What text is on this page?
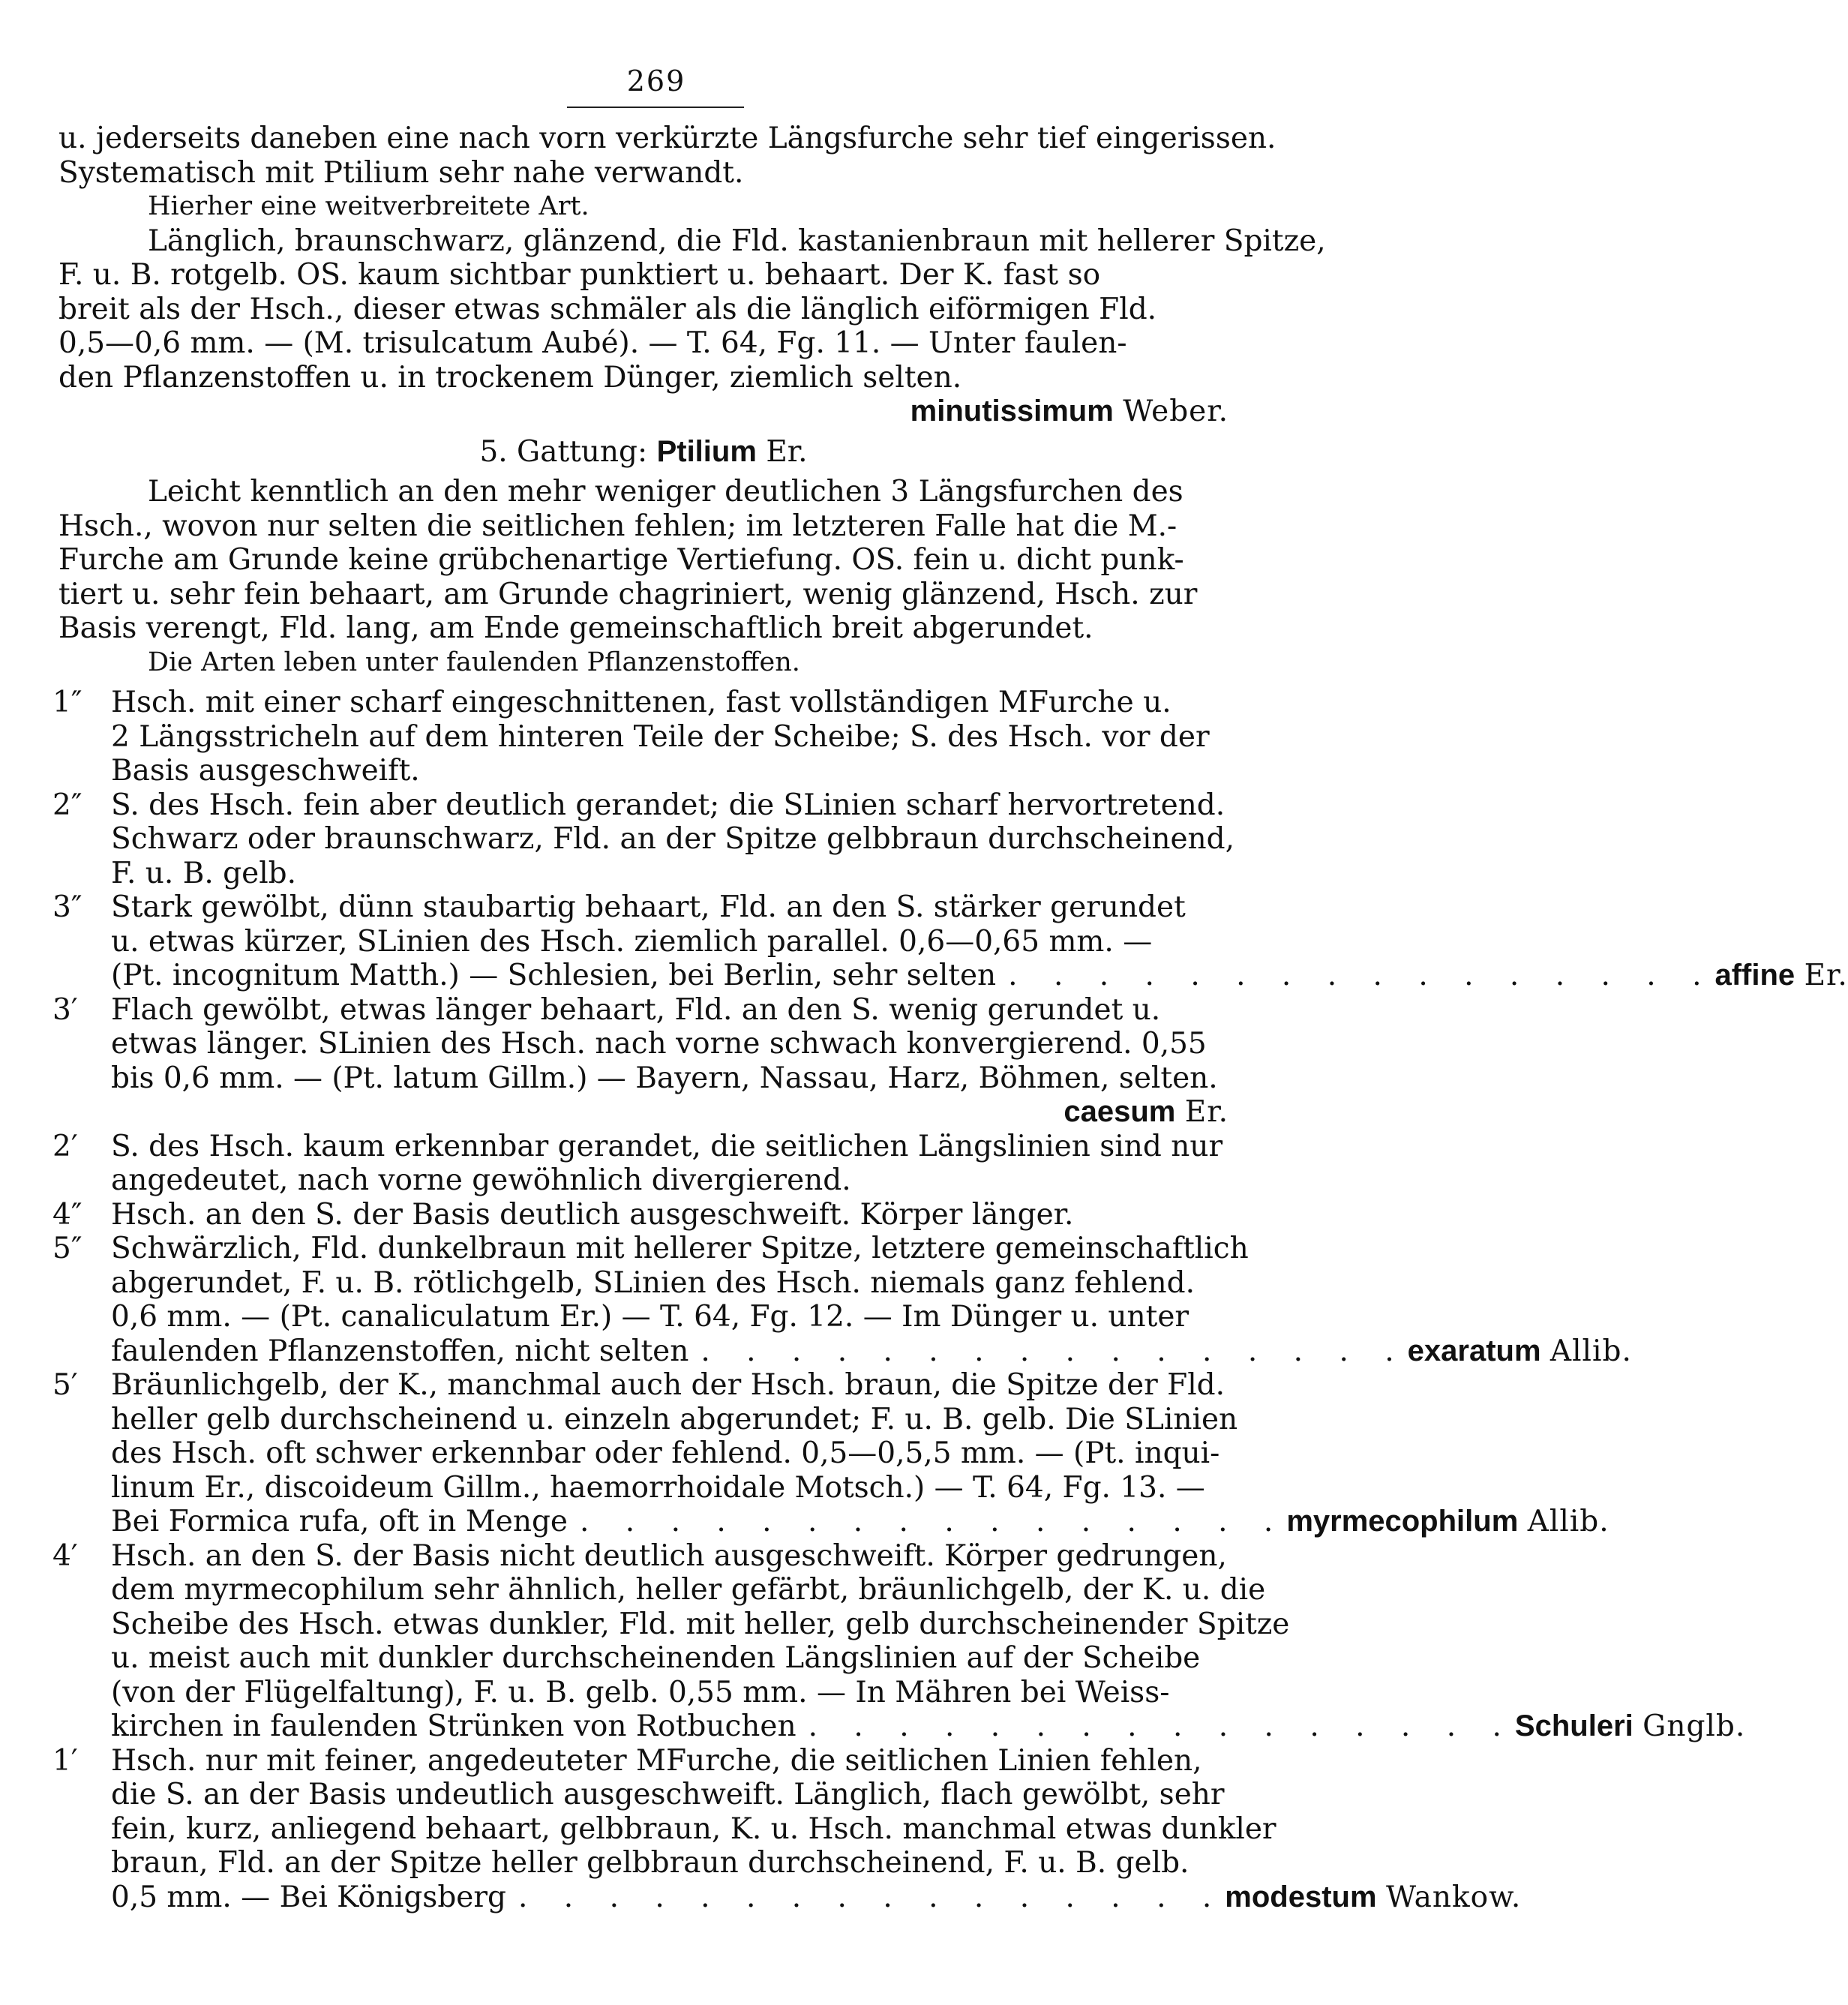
269
u. jederseits daneben eine nach vorn verkürzte Längsfurche sehr tief eingerissen.
Systematisch mit Ptilium sehr nahe verwandt.
Hierher eine weitverbreitete Art.
Länglich, braunschwarz, glänzend, die Fld. kastanienbraun mit hellerer Spitze,
F. u. B. rotgelb. OS. kaum sichtbar punktiert u. behaart. Der K. fast so
breit als der Hsch., dieser etwas schmäler als die länglich eiförmigen Fld.
0,5—0,6 mm. — (M. trisulcatum Aubé). — T. 64, Fg. 11. — Unter faulen-
den Pflanzenstoffen u. in trockenem Dünger, ziemlich selten.
minutissimum Weber.
5. Gattung: Ptilium Er.
Leicht kenntlich an den mehr weniger deutlichen 3 Längsfurchen des
Hsch., wovon nur selten die seitlichen fehlen; im letzteren Falle hat die M.-
Furche am Grunde keine grübchenartige Vertiefung. OS. fein u. dicht punk-
tiert u. sehr fein behaart, am Grunde chagriniert, wenig glänzend, Hsch. zur
Basis verengt, Fld. lang, am Ende gemeinschaftlich breit abgerundet.
Die Arten leben unter faulenden Pflanzenstoffen.
1″ Hsch. mit einer scharf eingeschnittenen, fast vollständigen MFurche u.
2 Längsstricheln auf dem hinteren Teile der Scheibe; S. des Hsch. vor der
Basis ausgeschweift.
2″ S. des Hsch. fein aber deutlich gerandet; die SLinien scharf hervortretend.
Schwarz oder braunschwarz, Fld. an der Spitze gelbbraun durchscheinend,
F. u. B. gelb.
3″ Stark gewölbt, dünn staubartig behaart, Fld. an den S. stärker gerundet
u. etwas kürzer, SLinien des Hsch. ziemlich parallel. 0,6—0,65 mm. —
(Pt. incognitum Matth.) — Schlesien, bei Berlin, sehr selten . . . . . . . . . . . . . . . . affine
Er.
3′ Flach gewölbt, etwas länger behaart, Fld. an den S. wenig gerundet u.
etwas länger. SLinien des Hsch. nach vorne schwach konvergierend. 0,55
bis 0,6 mm. — (Pt. latum Gillm.) — Bayern, Nassau, Harz, Böhmen, selten.
caesum Er.
2′ S. des Hsch. kaum erkennbar gerandet, die seitlichen Längslinien sind nur
angedeutet, nach vorne gewöhnlich divergierend.
4″ Hsch. an den S. der Basis deutlich ausgeschweift. Körper länger.
5″ Schwärzlich, Fld. dunkelbraun mit hellerer Spitze, letztere gemeinschaftlich
abgerundet, F. u. B. rötlichgelb, SLinien des Hsch. niemals ganz fehlend.
0,6 mm. — (Pt. canaliculatum Er.) — T. 64, Fg. 12. — Im Dünger u. unter
faulenden Pflanzenstoffen, nicht selten . . . . . . . . . . . . . . . . exaratum
Allib.
5′ Bräunlichgelb, der K., manchmal auch der Hsch. braun, die Spitze der Fld.
heller gelb durchscheinend u. einzeln abgerundet; F. u. B. gelb. Die SLinien
des Hsch. oft schwer erkennbar oder fehlend. 0,5—0,5,5 mm. — (Pt. inqui-
linum Er., discoideum Gillm., haemorrhoidale Motsch.) — T. 64, Fg. 13. —
Bei Formica rufa, oft in Menge . . . . . . . . . . . . . . . . myrmecophilum
Allib.
4′ Hsch. an den S. der Basis nicht deutlich ausgeschweift. Körper gedrungen,
dem myrmecophilum sehr ähnlich, heller gefärbt, bräunlichgelb, der K. u. die
Scheibe des Hsch. etwas dunkler, Fld. mit heller, gelb durchscheinender Spitze
u. meist auch mit dunkler durchscheinenden Längslinien auf der Scheibe
(von der Flügelfaltung), F. u. B. gelb. 0,55 mm. — In Mähren bei Weiss-
kirchen in faulenden Strünken von Rotbuchen . . . . . . . . . . . . . . . . Schuleri
Gnglb.
1′ Hsch. nur mit feiner, angedeuteter MFurche, die seitlichen Linien fehlen,
die S. an der Basis undeutlich ausgeschweift. Länglich, flach gewölbt, sehr
fein, kurz, anliegend behaart, gelbbraun, K. u. Hsch. manchmal etwas dunkler
braun, Fld. an der Spitze heller gelbbraun durchscheinend, F. u. B. gelb.
0,5 mm. — Bei Königsberg . . . . . . . . . . . . . . . . modestum
Wankow.
